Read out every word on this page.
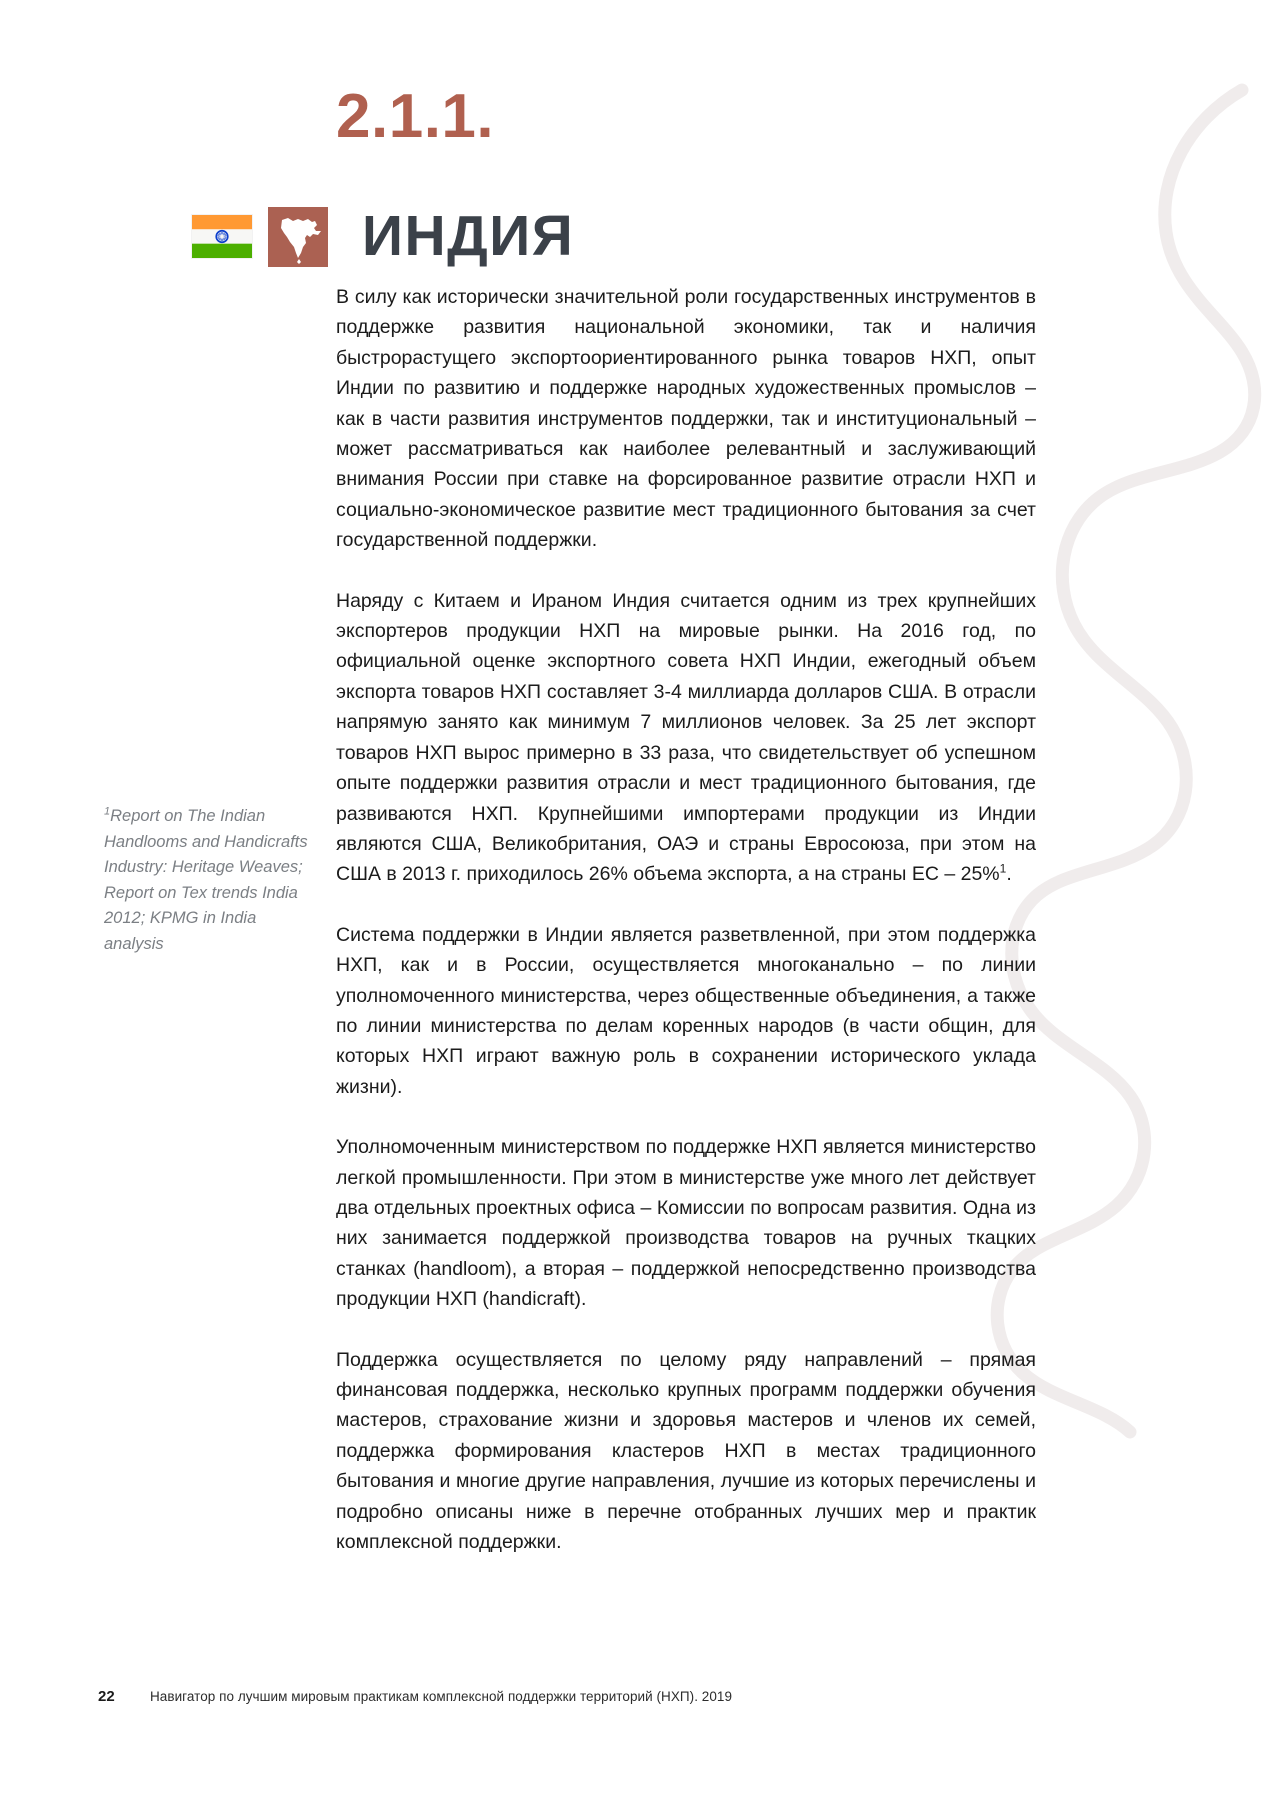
2.1.1.
ИНДИЯ
$^1$Report on The Indian Handlooms and Handicrafts Industry: Heritage Weaves; Report on Tex trends India 2012; KPMG in India analysis

В силу как исторически значительной роли государственных инструментов в поддержке развития национальной экономики, так и наличия быстрорастущего экспортоориентированного рынка товаров НХП, опыт Индии по развитию и поддержке народных художественных промыслов – как в части развития инструментов поддержки, так и институциональный – может рассматриваться как наиболее релевантный и заслуживающий внимания России при ставке на форсированное развитие отрасли НХП и социально-экономическое развитие мест традиционного бытования за счет государственной поддержки.

Наряду с Китаем и Ираном Индия считается одним из трех крупнейших экспортеров продукции НХП на мировые рынки. На 2016 год, по официальной оценке экспортного совета НХП Индии, ежегодный объем экспорта товаров НХП составляет 3-4 миллиарда долларов США. В отрасли напрямую занято как минимум 7 миллионов человек. За 25 лет экспорт товаров НХП вырос примерно в 33 раза, что свидетельствует об успешном опыте поддержки развития отрасли и мест традиционного бытования, где развиваются НХП. Крупнейшими импортерами продукции из Индии являются США, Великобритания, ОАЭ и страны Евросоюза, при этом на США в 2013 г. приходилось 26% объема экспорта, а на страны ЕС – 25%$^1$.

Система поддержки в Индии является разветвленной, при этом поддержка НХП, как и в России, осуществляется многоканально – по линии уполномоченного министерства, через общественные объединения, а также по линии министерства по делам коренных народов (в части общин, для которых НХП играют важную роль в сохранении исторического уклада жизни).

Уполномоченным министерством по поддержке НХП является министерство легкой промышленности. При этом в министерстве уже много лет действует два отдельных проектных офиса – Комиссии по вопросам развития. Одна из них занимается поддержкой производства товаров на ручных ткацких станках (handloom), а вторая – поддержкой непосредственно производства продукции НХП (handicraft).

Поддержка осуществляется по целому ряду направлений – прямая финансовая поддержка, несколько крупных программ поддержки обучения мастеров, страхование жизни и здоровья мастеров и членов их семей, поддержка формирования кластеров НХП в местах традиционного бытования и многие другие направления, лучшие из которых перечислены и подробно описаны ниже в перечне отобранных лучших мер и практик комплексной поддержки.

22	Навигатор по лучшим мировым практикам комплексной поддержки территорий (НХП). 2019
